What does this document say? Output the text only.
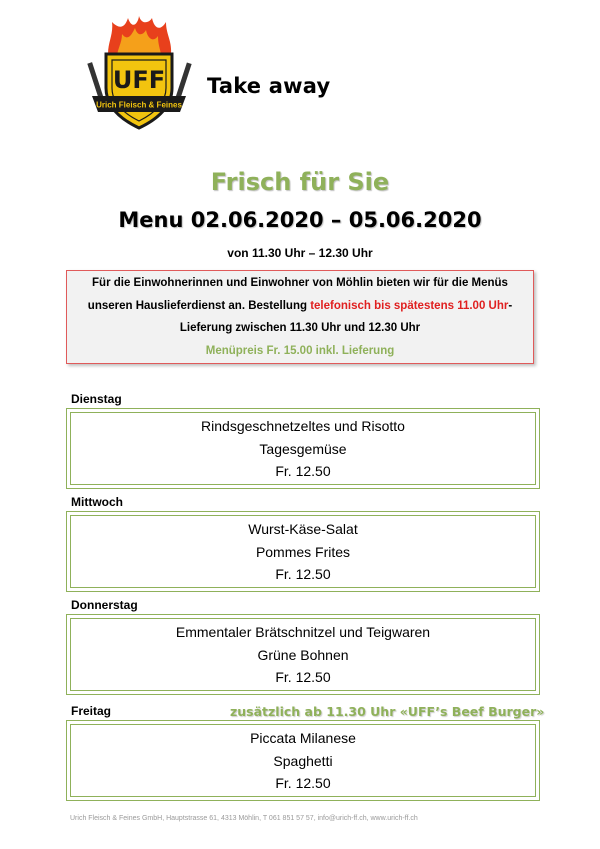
Urich Fleisch & Feines
UFF Take away
Frisch für Sie
Menu 02.06.2020 – 05.06.2020
von 11.30 Uhr – 12.30 Uhr
Für die Einwohnerinnen und Einwohner von Möhlin bieten wir für die Menüs
unseren Hauslieferdienst an. Bestellung telefonisch bis spätestens 11.00 Uhr-
Lieferung zwischen 11.30 Uhr und 12.30 Uhr
Menüpreis Fr. 15.00 inkl. Lieferung
Dienstag
Rindsgeschnetzeltes und Risotto
Tagesgemüse
Fr. 12.50
Mittwoch
Wurst-Käse-Salat
Pommes Frites
Fr. 12.50
Donnerstag
Emmentaler Brätschnitzel und Teigwaren
Grüne Bohnen
Fr. 12.50
Freitag	zusätzlich ab 11.30 Uhr «UFF’s Beef Burger»
Piccata Milanese
Spaghetti
Fr. 12.50
Urich Fleisch & Feines GmbH, Hauptstrasse 61, 4313 Möhlin, T 061 851 57 57, info@urich-ff.ch, www.urich-ff.ch
